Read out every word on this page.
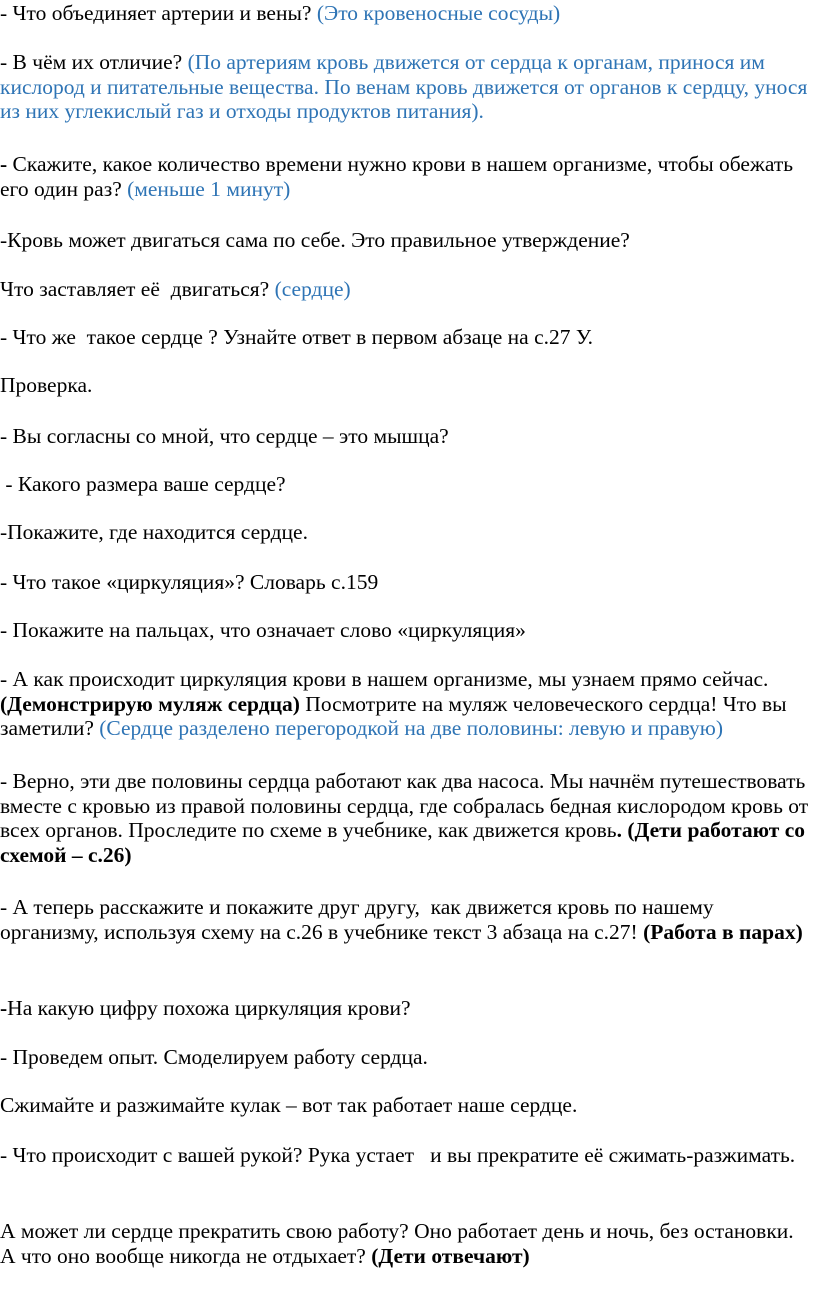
- Что объединяет артерии и вены? (Это кровеносные сосуды)

- В чём их отличие? (По артериям кровь движется от сердца к органам, принося им кислород и питательные вещества. По венам кровь движется от органов к сердцу, унося из них углекислый газ и отходы продуктов питания).

- Скажите, какое количество времени нужно крови в нашем организме, чтобы обежать его один раз? (меньше 1 минут)

-Кровь может двигаться сама по себе. Это правильное утверждение?

Что заставляет её  двигаться? (сердце)

- Что же  такое сердце ? Узнайте ответ в первом абзаце на с.27 У.

Проверка.

- Вы согласны со мной, что сердце – это мышца?

- Какого размера ваше сердце?

-Покажите, где находится сердце.

- Что такое «циркуляция»? Словарь с.159

- Покажите на пальцах, что означает слово «циркуляция»

- А как происходит циркуляция крови в нашем организме, мы узнаем прямо сейчас. (Демонстрирую муляж сердца) Посмотрите на муляж человеческого сердца! Что вы заметили? (Сердце разделено перегородкой на две половины: левую и правую)

- Верно, эти две половины сердца работают как два насоса. Мы начнём путешествовать вместе с кровью из правой половины сердца, где собралась бедная кислородом кровь от всех органов. Проследите по схеме в учебнике, как движется кровь. (Дети работают со схемой – с.26)

- А теперь расскажите и покажите друг другу,  как движется кровь по нашему организму, используя схему на с.26 в учебнике текст 3 абзаца на с.27! (Работа в парах)

-На какую цифру похожа циркуляция крови?

- Проведем опыт. Смоделируем работу сердца.

Сжимайте и разжимайте кулак – вот так работает наше сердце.

- Что происходит с вашей рукой? Рука устает   и вы прекратите её сжимать-разжимать.

А может ли сердце прекратить свою работу? Оно работает день и ночь, без остановки. А что оно вообще никогда не отдыхает? (Дети отвечают)
